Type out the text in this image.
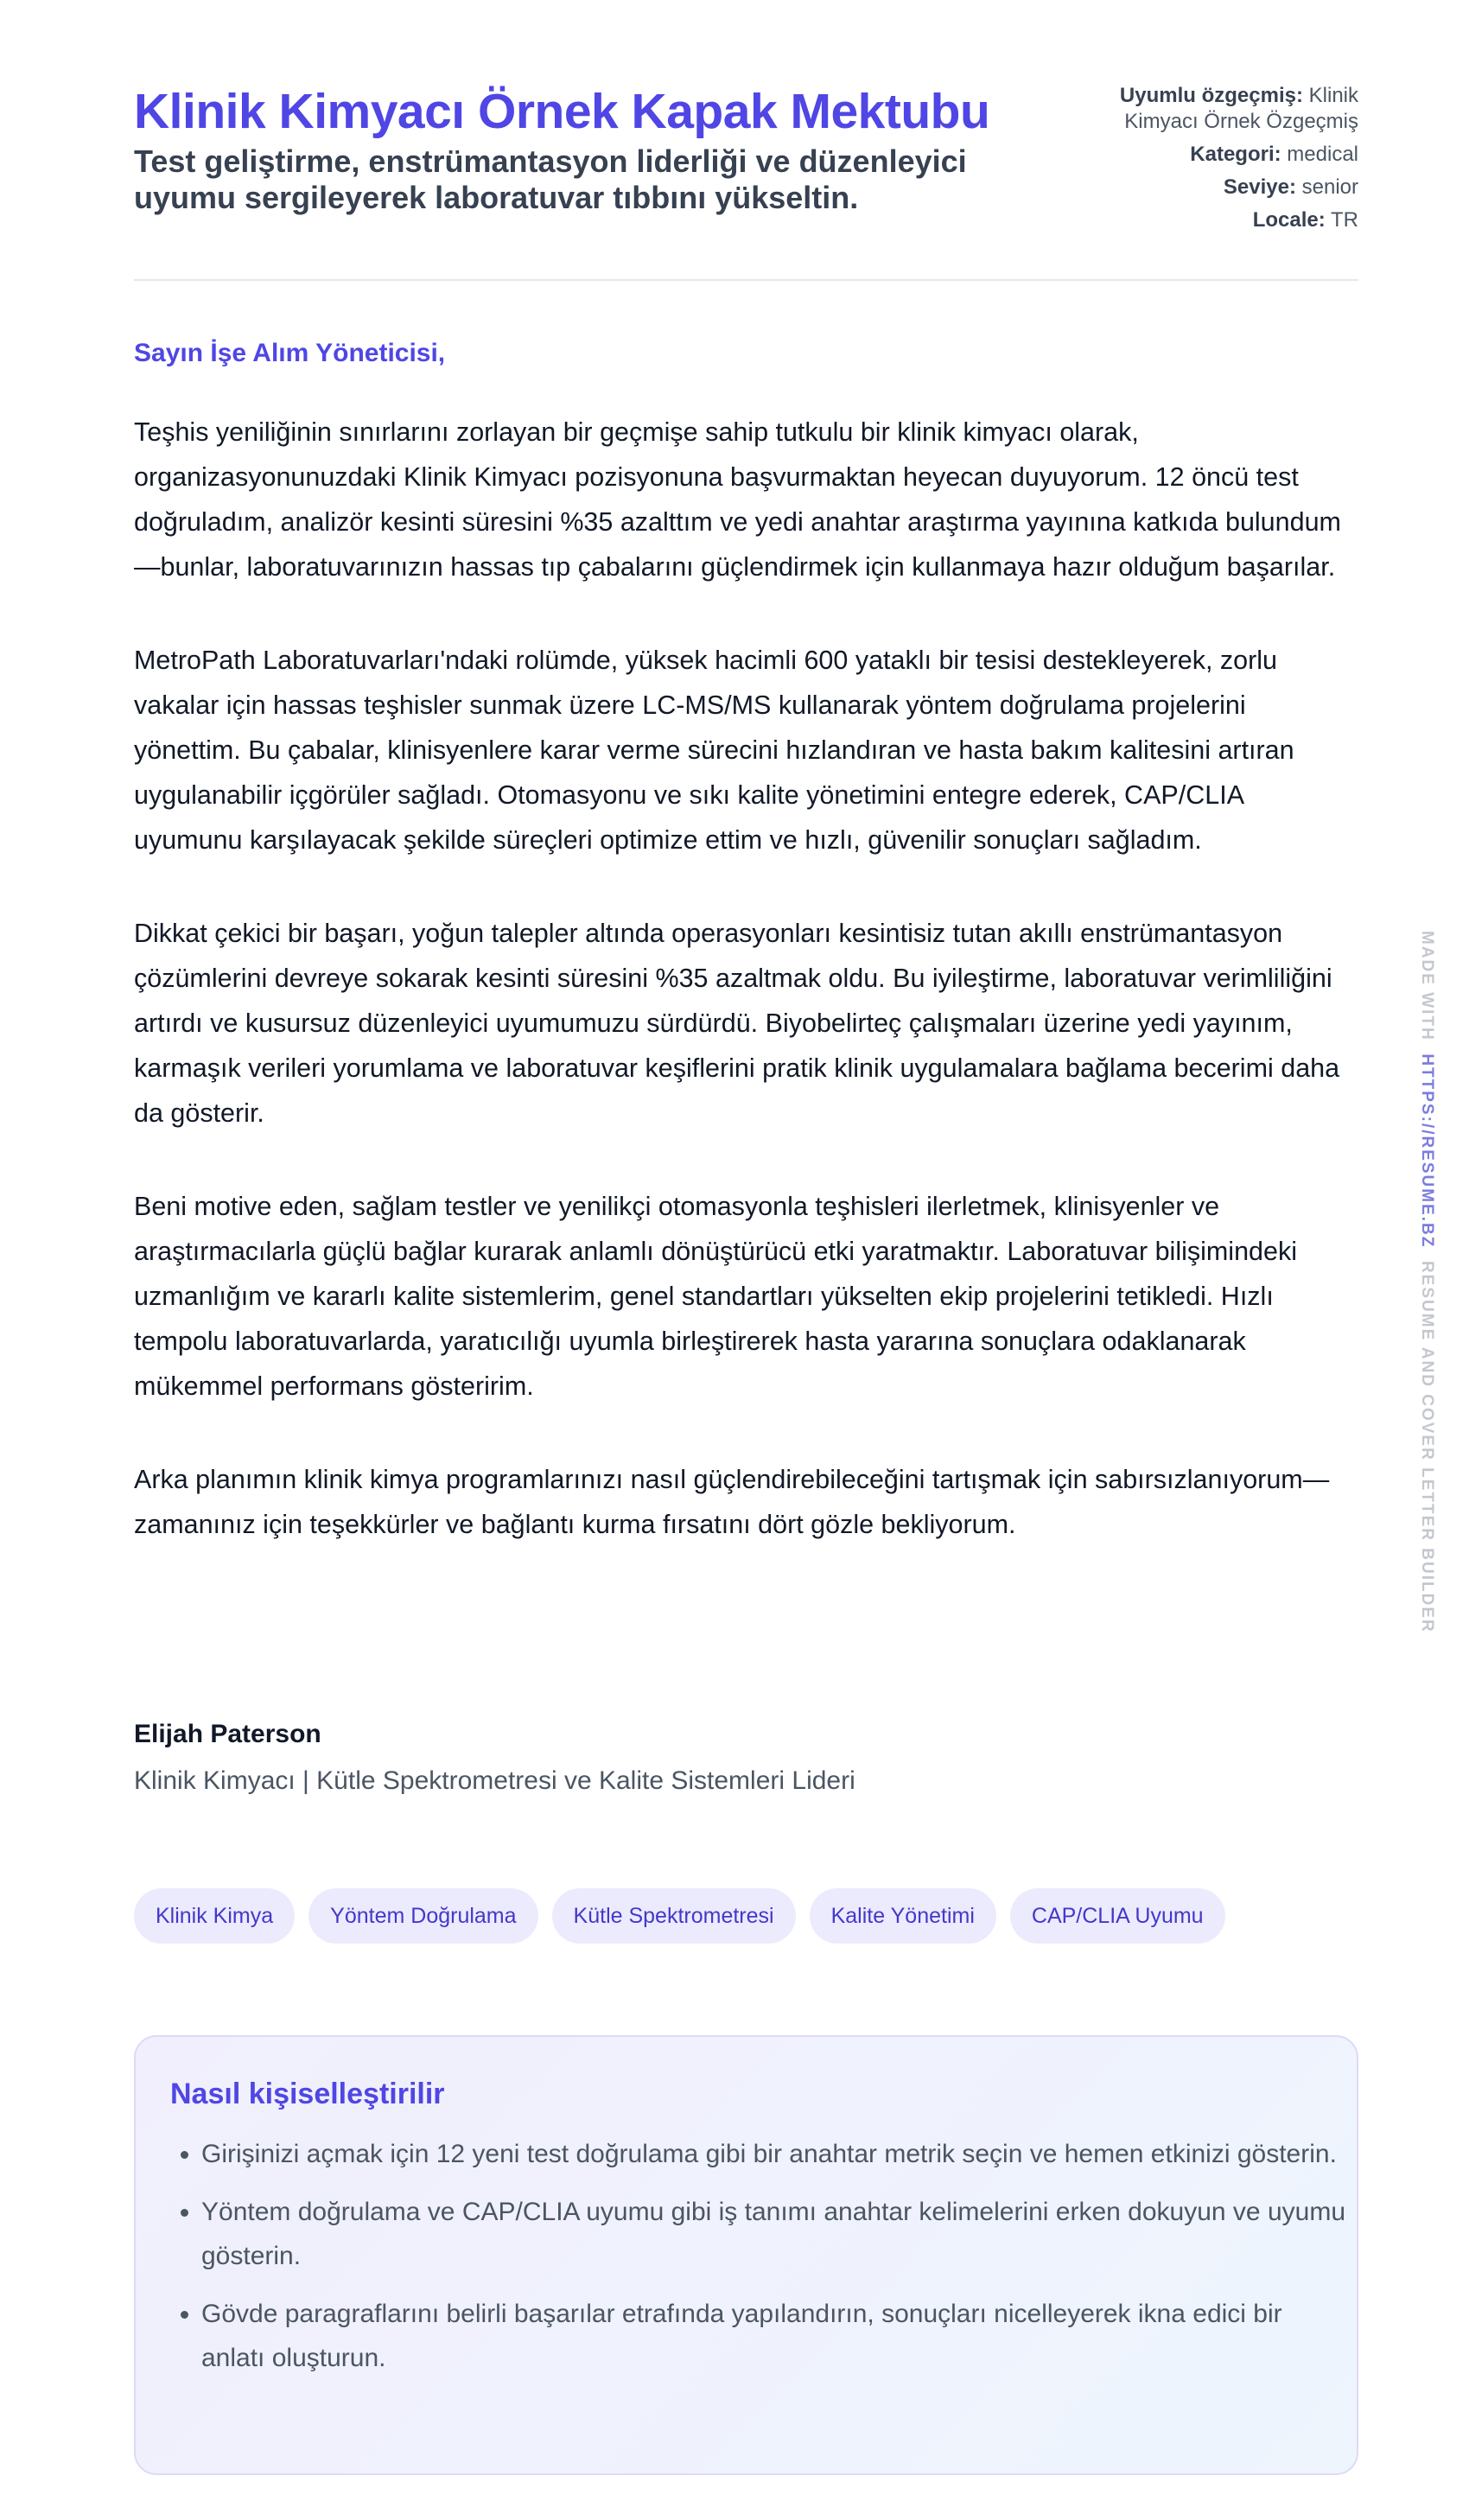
Klinik Kimyacı Örnek Kapak Mektubu

Test geliştirme, enstrümantasyon liderliği ve düzenleyici uyumu sergileyerek laboratuvar tıbbını yükseltin.

Uyumlu özgeçmiş: Klinik Kimyacı Örnek Özgeçmiş
Kategori: medical
Seviye: senior
Locale: TR
Sayın İşe Alım Yöneticisi,

Teşhis yeniliğinin sınırlarını zorlayan bir geçmişe sahip tutkulu bir klinik kimyacı olarak, organizasyonunuzdaki Klinik Kimyacı pozisyonuna başvurmaktan heyecan duyuyorum. 12 öncü test doğruladım, analizör kesinti süresini %35 azalttım ve yedi anahtar araştırma yayınına katkıda bulundum—bunlar, laboratuvarınızın hassas tıp çabalarını güçlendirmek için kullanmaya hazır olduğum başarılar.

MetroPath Laboratuvarları'ndaki rolümde, yüksek hacimli 600 yataklı bir tesisi destekleyerek, zorlu vakalar için hassas teşhisler sunmak üzere LC-MS/MS kullanarak yöntem doğrulama projelerini yönettim. Bu çabalar, klinisyenlere karar verme sürecini hızlandıran ve hasta bakım kalitesini artıran uygulanabilir içgörüler sağladı. Otomasyonu ve sıkı kalite yönetimini entegre ederek, CAP/CLIA uyumunu karşılayacak şekilde süreçleri optimize ettim ve hızlı, güvenilir sonuçları sağladım.

Dikkat çekici bir başarı, yoğun talepler altında operasyonları kesintisiz tutan akıllı enstrümantasyon çözümlerini devreye sokarak kesinti süresini %35 azaltmak oldu. Bu iyileştirme, laboratuvar verimliliğini artırdı ve kusursuz düzenleyici uyumumuzu sürdürdü. Biyobelirteç çalışmaları üzerine yedi yayınım, karmaşık verileri yorumlama ve laboratuvar keşiflerini pratik klinik uygulamalara bağlama becerimi daha da gösterir.

Beni motive eden, sağlam testler ve yenilikçi otomasyonla teşhisleri ilerletmek, klinisyenler ve araştırmacılarla güçlü bağlar kurarak anlamlı dönüştürücü etki yaratmaktır. Laboratuvar bilişimindeki uzmanlığım ve kararlı kalite sistemlerim, genel standartları yükselten ekip projelerini tetikledi. Hızlı tempolu laboratuvarlarda, yaratıcılığı uyumla birleştirerek hasta yararına sonuçlara odaklanarak mükemmel performans gösteririm.

Arka planımın klinik kimya programlarınızı nasıl güçlendirebileceğini tartışmak için sabırsızlanıyorum—zamanınız için teşekkürler ve bağlantı kurma fırsatını dört gözle bekliyorum.

Elijah Paterson
Klinik Kimyacı | Kütle Spektrometresi ve Kalite Sistemleri Lideri
Klinik Kimya	Yöntem Doğrulama	Kütle Spektrometresi	Kalite Yönetimi	CAP/CLIA Uyumu
Nasıl kişiselleştirilir
• Girişinizi açmak için 12 yeni test doğrulama gibi bir anahtar metrik seçin ve hemen etkinizi gösterin.
• Yöntem doğrulama ve CAP/CLIA uyumu gibi iş tanımı anahtar kelimelerini erken dokuyun ve uyumu gösterin.
• Gövde paragraflarını belirli başarılar etrafında yapılandırın, sonuçları nicelleyerek ikna edici bir anlatı oluşturun.
MADE WITH  HTTPS://RESUME.BZ  RESUME AND COVER LETTER BUILDER
